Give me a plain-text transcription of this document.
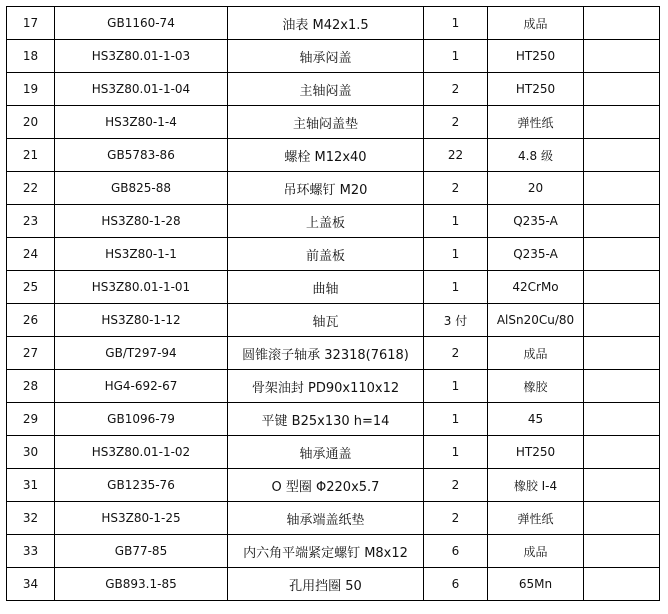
17	GB1160-74	油表 M42x1.5	1	成品	
18	HS3Z80.01-1-03	轴承闷盖	1	HT250	
19	HS3Z80.01-1-04	主轴闷盖	2	HT250	
20	HS3Z80-1-4	主轴闷盖垫	2	弹性纸	
21	GB5783-86	螺栓 M12x40	22	4.8 级	
22	GB825-88	吊环螺钉 M20	2	20	
23	HS3Z80-1-28	上盖板	1	Q235-A	
24	HS3Z80-1-1	前盖板	1	Q235-A	
25	HS3Z80.01-1-01	曲轴	1	42CrMo	
26	HS3Z80-1-12	轴瓦	3 付	AlSn20Cu/80	
27	GB/T297-94	圆锥滚子轴承 32318(7618)	2	成品	
28	HG4-692-67	骨架油封 PD90x110x12	1	橡胶	
29	GB1096-79	平键 B25x130 h=14	1	45	
30	HS3Z80.01-1-02	轴承通盖	1	HT250	
31	GB1235-76	O 型圈 Φ220x5.7	2	橡胶 I-4	
32	HS3Z80-1-25	轴承端盖纸垫	2	弹性纸	
33	GB77-85	内六角平端紧定螺钉 M8x12	6	成品	
34	GB893.1-85	孔用挡圈 50	6	65Mn	
